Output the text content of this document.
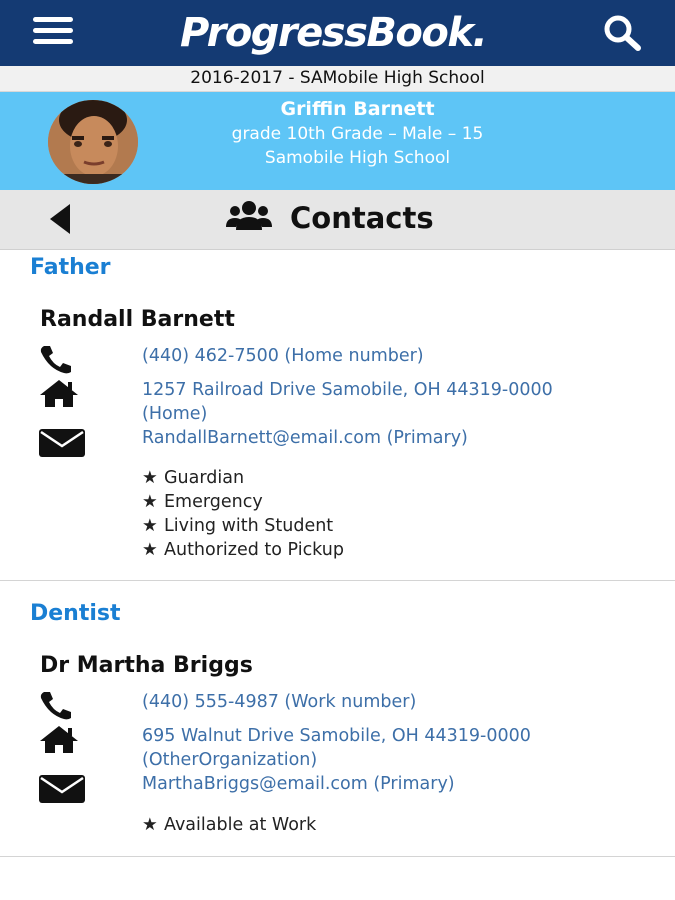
ProgressBook.
2016-2017 - SAMobile High School
Griffin Barnett
grade 10th Grade – Male – 15
Samobile High School
Contacts
Father
Randall Barnett
(440) 462-7500 (Home number)
1257 Railroad Drive Samobile, OH 44319-0000
(Home)
RandallBarnett@email.com (Primary)
★ Guardian
★ Emergency
★ Living with Student
★ Authorized to Pickup
Dentist
Dr Martha Briggs
(440) 555-4987 (Work number)
695 Walnut Drive Samobile, OH 44319-0000
(OtherOrganization)
MarthaBriggs@email.com (Primary)
★ Available at Work
